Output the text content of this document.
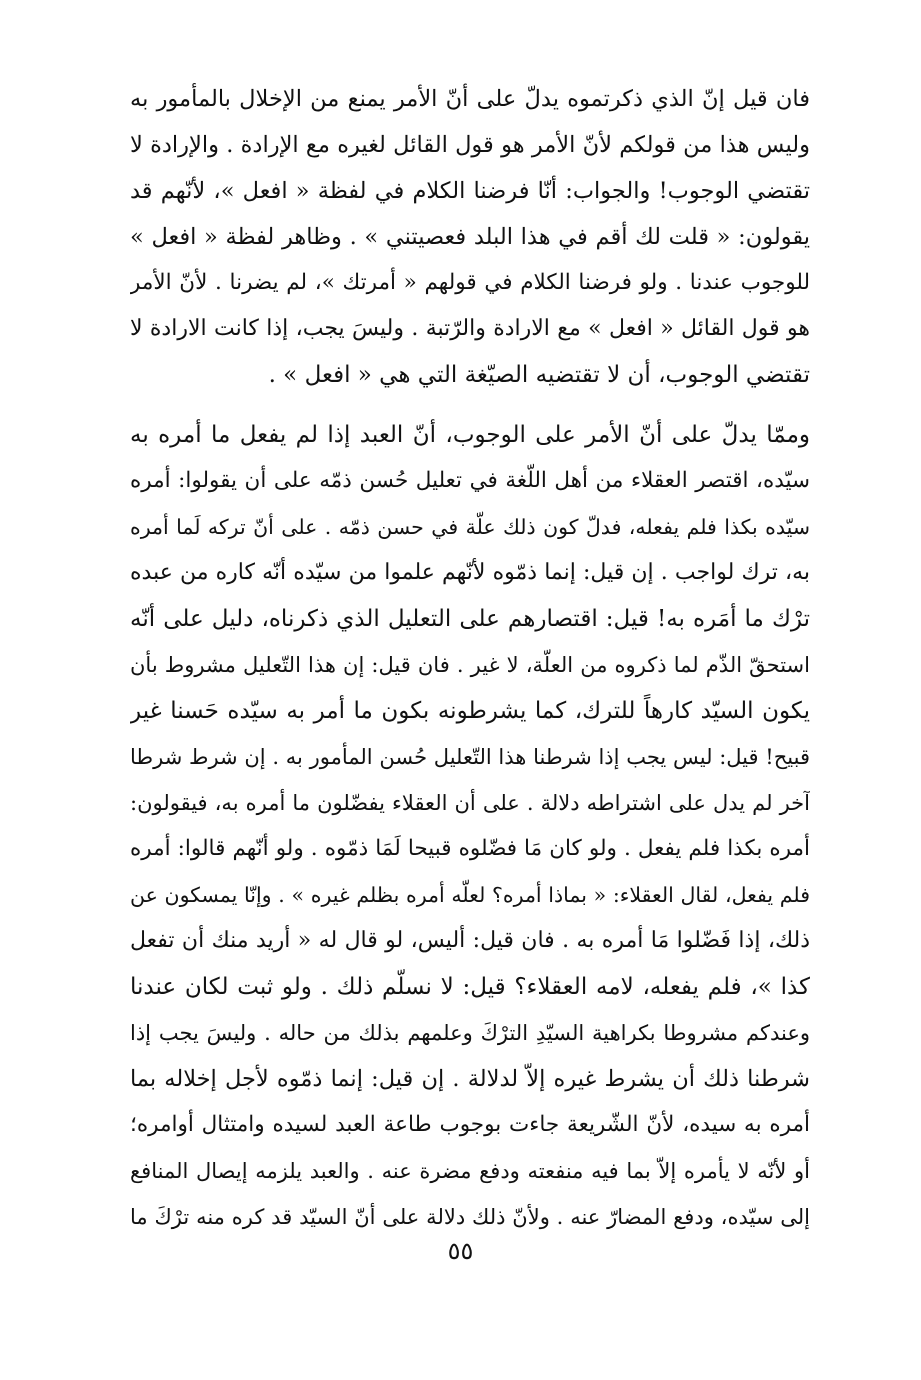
فان قيل إنّ الذي ذكرتموه يدلّ على أنّ الأمر يمنع من الإخلال بالمأمور به
وليس هذا من قولكم لأنّ الأمر هو قول القائل لغيره مع الإرادة . والإرادة لا
تقتضي الوجوب! والجواب: أنّا فرضنا الكلام في لفظة « افعل »، لأنّهم قد
يقولون: « قلت لك أقم في هذا البلد فعصيتني » . وظاهر لفظة « افعل »
للوجوب عندنا . ولو فرضنا الكلام في قولهم « أمرتك »، لم يضرنا . لأنّ الأمر
هو قول القائل « افعل » مع الارادة والرّتبة . وليسَ يجب، إذا كانت الارادة لا
تقتضي الوجوب، أن لا تقتضيه الصيّغة التي هي « افعل » .
وممّا يدلّ على أنّ الأمر على الوجوب، أنّ العبد إذا لم يفعل ما أمره به
سيّده، اقتصر العقلاء من أهل اللّغة في تعليل حُسن ذمّه على أن يقولوا: أمره
سيّده بكذا فلم يفعله، فدلّ كون ذلك علّة في حسن ذمّه . على أنّ تركه لَما أمره
به، ترك لواجب . إن قيل: إنما ذمّوه لأنّهم علموا من سيّده أنّه كاره من عبده
ترْك ما أمَره به! قيل: اقتصارهم على التعليل الذي ذكرناه، دليل على أنّه
استحقّ الذّم لما ذكروه من العلّة، لا غير . فان قيل: إن هذا التّعليل مشروط بأن
يكون السيّد كارهاً للترك، كما يشرطونه بكون ما أمر به سيّده حَسنا غير
قبيح! قيل: ليس يجب إذا شرطنا هذا التّعليل حُسن المأمور به . إن شرط شرطا
آخر لم يدل على اشتراطه دلالة . على أن العقلاء يفضّلون ما أمره به، فيقولون:
أمره بكذا فلم يفعل . ولو كان مَا فضّلوه قبيحا لَمَا ذمّوه . ولو أنّهم قالوا: أمره
فلم يفعل، لقال العقلاء: « بماذا أمره؟ لعلّه أمره بظلم غيره » . وإنّا يمسكون عن
ذلك، إذا فَضّلوا مَا أمره به . فان قيل: أليس، لو قال له « أريد منك أن تفعل
كذا »، فلم يفعله، لامه العقلاء؟ قيل: لا نسلّم ذلك . ولو ثبت لكان عندنا
وعندكم مشروطا بكراهية السيّدِ الترْكَ وعلمهم بذلك من حاله . وليسَ يجب إذا
شرطنا ذلك أن يشرط غيره إلاّ لدلالة . إن قيل: إنما ذمّوه لأجل إخلاله بما
أمره به سيده، لأنّ الشّريعة جاءت بوجوب طاعة العبد لسيده وامتثال أوامره؛
أو لأنّه لا يأمره إلاّ بما فيه منفعته ودفع مضرة عنه . والعبد يلزمه إيصال المنافع
إلى سيّده، ودفع المضارّ عنه . ولأنّ ذلك دلالة على أنّ السيّد قد كره منه ترْكَ ما
٥٥
